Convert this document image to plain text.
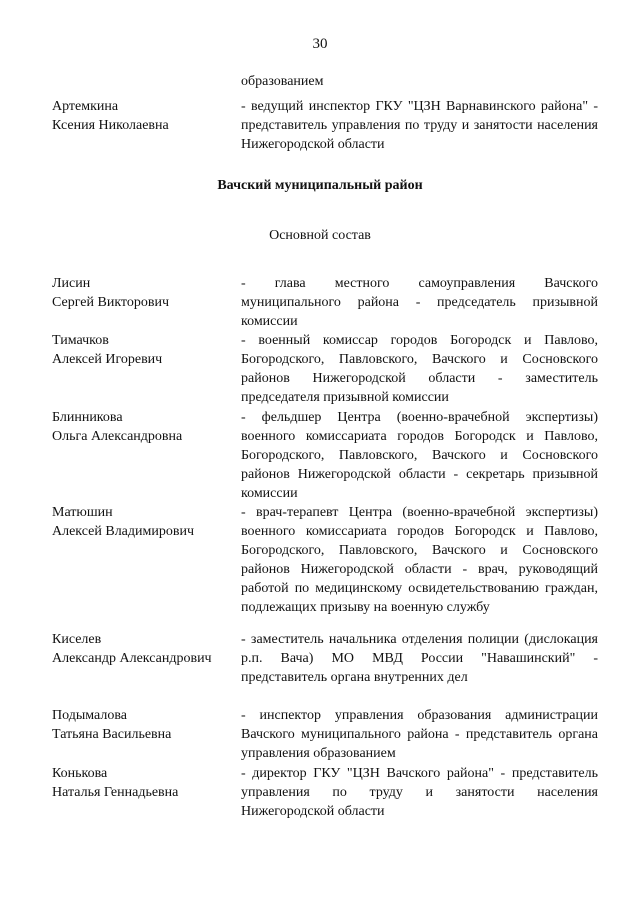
30
образованием
Артемкина
Ксения Николаевна
- ведущий инспектор ГКУ "ЦЗН Варнавинского района" - представитель управления по труду и занятости населения Нижегородской области
Вачский муниципальный район
Основной состав
Лисин
Сергей Викторович
- глава местного самоуправления Вачского муниципального района - председатель призывной комиссии
Тимачков
Алексей Игоревич
- военный комиссар городов Богородск и Павлово, Богородского, Павловского, Вачского и Сосновского районов Нижегородской области - заместитель председателя призывной комиссии
Блинникова
Ольга Александровна
- фельдшер Центра (военно-врачебной экспертизы) военного комиссариата городов Богородск и Павлово, Богородского, Павловского, Вачского и Сосновского районов Нижегородской области - секретарь призывной комиссии
Матюшин
Алексей Владимирович
- врач-терапевт Центра (военно-врачебной экспертизы) военного комиссариата городов Богородск и Павлово, Богородского, Павловского, Вачского и Сосновского районов Нижегородской области - врач, руководящий работой по медицинскому освидетельствованию граждан, подлежащих призыву на военную службу
Киселев
Александр Александрович
- заместитель начальника отделения полиции (дислокация р.п. Вача) МО МВД России "Навашинский" - представитель органа внутренних дел
Подымалова
Татьяна Васильевна
- инспектор управления образования администрации Вачского муниципального района - представитель органа управления образованием
Конькова
Наталья Геннадьевна
- директор ГКУ "ЦЗН Вачского района" - представитель управления по труду и занятости населения Нижегородской области
